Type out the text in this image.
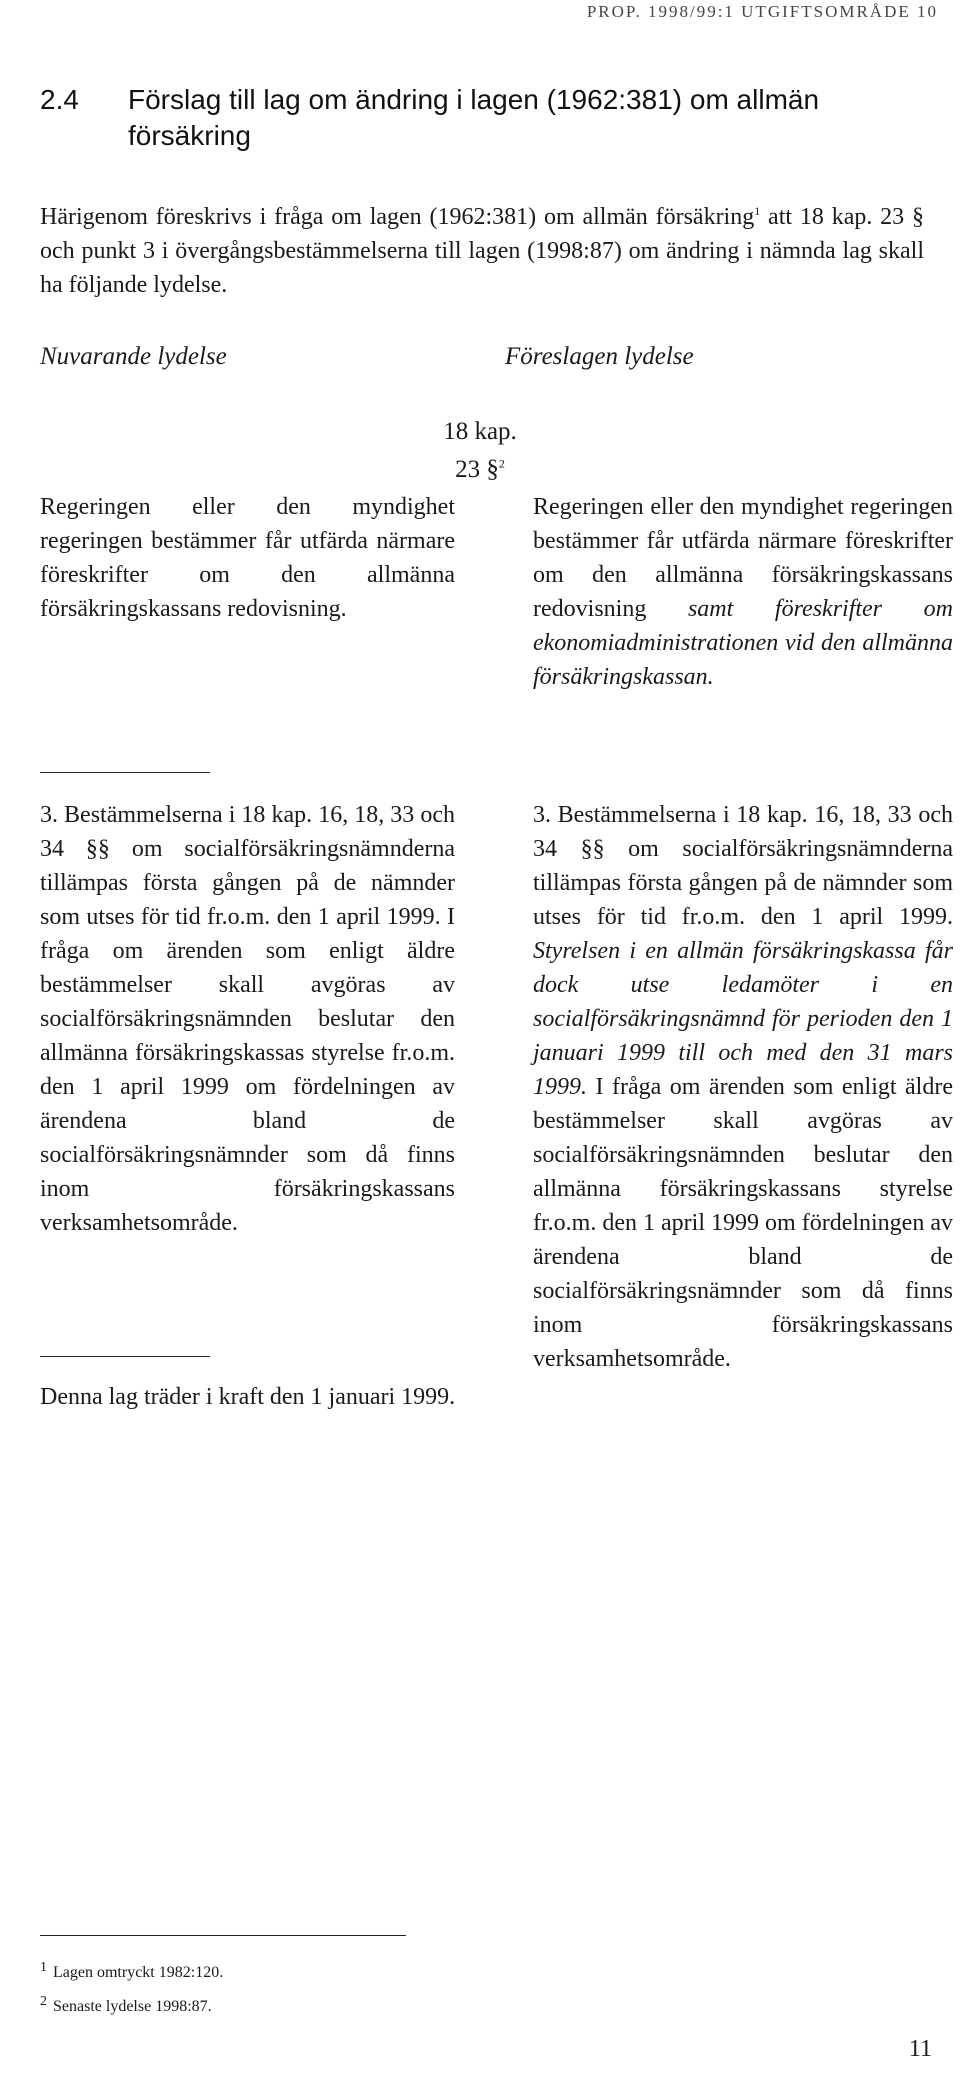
PROP. 1998/99:1 UTGIFTSOMRÅDE 10
2.4 Förslag till lag om ändring i lagen (1962:381) om allmän
försäkring
Härigenom föreskrivs i fråga om lagen (1962:381) om allmän försäkring$^1$ att 18 kap. 23 § och punkt 3 i övergångsbestämmelserna till lagen (1998:87) om ändring i nämnda lag skall ha följande lydelse.
Nuvarande lydelse	Föreslagen lydelse
18 kap.
23 §$^2$
Regeringen eller den myndighet regeringen bestämmer får utfärda närmare föreskrifter om den allmänna försäkringskassans redovisning.
Regeringen eller den myndighet regeringen bestämmer får utfärda närmare föreskrifter om den allmänna försäkringskassans redovisning samt föreskrifter om ekonomiadministrationen vid den allmänna försäkringskassan.
3. Bestämmelserna i 18 kap. 16, 18, 33 och 34 §§ om socialförsäkringsnämnderna tillämpas första gången på de nämnder som utses för tid fr.o.m. den 1 april 1999. I fråga om ärenden som enligt äldre bestämmelser skall avgöras av socialförsäkringsnämnden beslutar den allmänna försäkringskassas styrelse fr.o.m. den 1 april 1999 om fördelningen av ärendena bland de socialförsäkringsnämnder som då finns inom försäkringskassans verksamhetsområde.
3. Bestämmelserna i 18 kap. 16, 18, 33 och 34 §§ om socialförsäkringsnämnderna tillämpas första gången på de nämnder som utses för tid fr.o.m. den 1 april 1999. Styrelsen i en allmän försäkringskassa får dock utse ledamöter i en socialförsäkringsnämnd för perioden den 1 januari 1999 till och med den 31 mars 1999. I fråga om ärenden som enligt äldre bestämmelser skall avgöras av socialförsäkringsnämnden beslutar den allmänna försäkringskassans styrelse fr.o.m. den 1 april 1999 om fördelningen av ärendena bland de socialförsäkringsnämnder som då finns inom försäkringskassans verksamhetsområde.
Denna lag träder i kraft den 1 januari 1999.
$^1$ Lagen omtryckt 1982:120.
$^2$ Senaste lydelse 1998:87.
11
